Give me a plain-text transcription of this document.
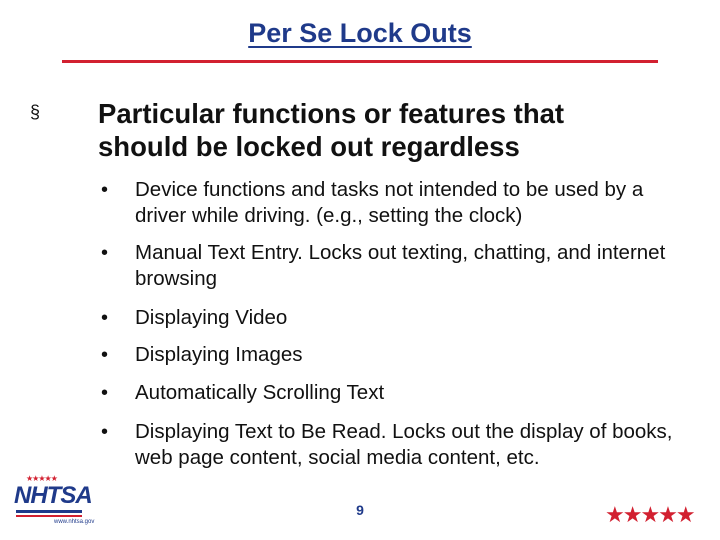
Per Se Lock Outs
§ Particular functions or features that should be locked out regardless
• Device functions and tasks not intended to be used by a driver while driving. (e.g., setting the clock)
• Manual Text Entry. Locks out texting, chatting, and internet browsing
• Displaying Video
• Displaying Images
• Automatically Scrolling Text
• Displaying Text to Be Read. Locks out the display of books, web page content, social media content, etc.
★★★★★
NHTSA
www.nhtsa.gov
9	★★★★★
